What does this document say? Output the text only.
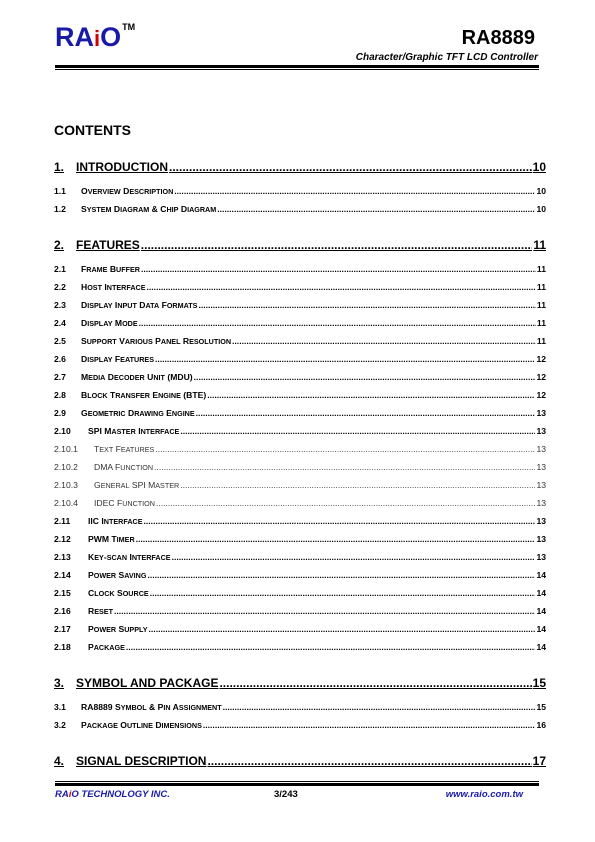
RAiO™	RA8889
Character/Graphic TFT LCD Controller
CONTENTS
1. INTRODUCTION .....	10
1.1	OVERVIEW DESCRIPTION .....	10
1.2	SYSTEM DIAGRAM & CHIP DIAGRAM .....	10
2. FEATURES .....	11
2.1	FRAME BUFFER .....	11
2.2	HOST INTERFACE .....	11
2.3	DISPLAY INPUT DATA FORMATS .....	11
2.4	DISPLAY MODE .....	11
2.5	SUPPORT VARIOUS PANEL RESOLUTION .....	11
2.6	DISPLAY FEATURES .....	12
2.7	MEDIA DECODER UNIT (MDU) .....	12
2.8	BLOCK TRANSFER ENGINE (BTE) .....	12
2.9	GEOMETRIC DRAWING ENGINE .....	13
2.10	SPI MASTER INTERFACE .....	13
2.10.1	TEXT FEATURES .....	13
2.10.2	DMA FUNCTION .....	13
2.10.3	GENERAL SPI MASTER .....	13
2.10.4	IDEC FUNCTION .....	13
2.11	IIC INTERFACE .....	13
2.12	PWM TIMER .....	13
2.13	KEY-SCAN INTERFACE .....	13
2.14	POWER SAVING .....	14
2.15	CLOCK SOURCE .....	14
2.16	RESET .....	14
2.17	POWER SUPPLY .....	14
2.18	PACKAGE .....	14
3. SYMBOL AND PACKAGE .....	15
3.1	RA8889 SYMBOL & PIN ASSIGNMENT .....	15
3.2	PACKAGE OUTLINE DIMENSIONS .....	16
4. SIGNAL DESCRIPTION .....	17
RAiO TECHNOLOGY INC.	3/243	www.raio.com.tw
